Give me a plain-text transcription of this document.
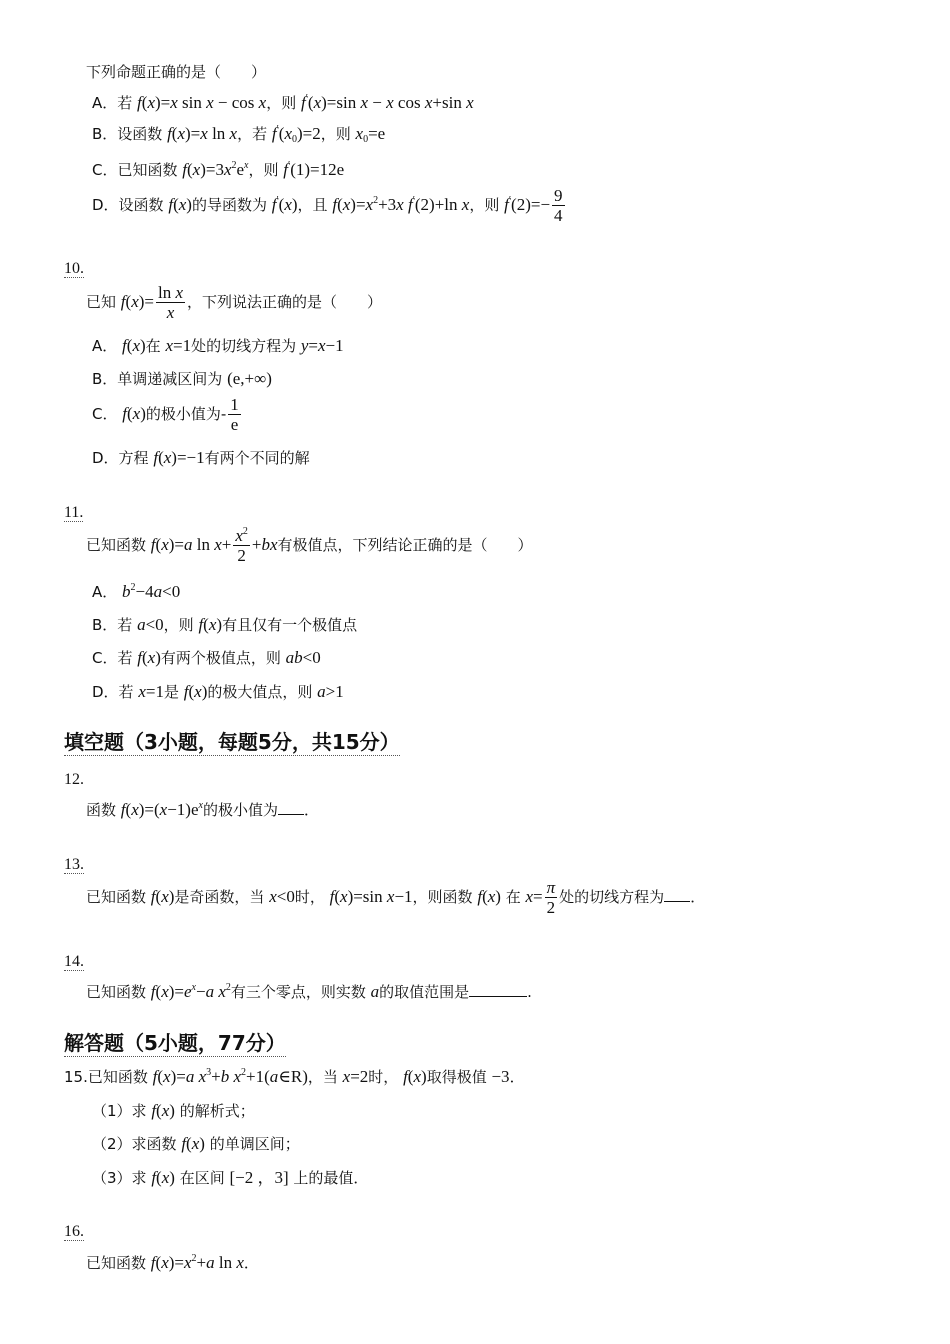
下列命题正确的是（　　）
A．若 f(x)=x sin x − cos x，则 f′(x)=sin x − x cos x+sin x
B．设函数 f(x)=x ln x，若 $f'(x_0)=2$，则 $x_0=e$
C．已知函数 $f(x)=3x^2e^x$，则 f′(1)=12e
D．设函数 f(x)的导函数为 f′(x)，且 $f(x)=x^2+3x$ f′(2)+ln x，则 $f'(2)=- \frac{9}{4}$
10.
已知 $f(x)= \frac{\text{ln x}}{x}$ ，下列说法正确的是（　　）
A． f(x)在 x=1处的切线方程为 y=x−1
B．单调递减区间为 (e,+∞)
C． f(x)的极小值为- $\frac{1}{e}$
D．方程 f(x)=−1有两个不同的解
11.
已知函数 f(x)=a $\ln x+ \frac{x^2}{2} +bx$有极值点，下列结论正确的是（　　）
A． $b^2-4a<0$
B．若 a<0，则 f(x)有且仅有一个极值点
C．若 f(x)有两个极值点，则 ab<0
D．若 x=1是 f(x)的极大值点，则 a>1
填空题（3小题，每题5分，共15分）
12.
函数 $f(x)=(x-1)e^x$的极小值为 ．
13.
已知函数 f(x)是奇函数，当 x<0时， f(x)=sin x−1，则函数 f(x) 在 $x= \frac{\pi}{2}$ 处的切线方程为 ．
14.
已知函数 $f(x)=e^x-a$ $x^2$有三个零点，则实数 a的取值范围是	.
解答题（5小题，77分）
15.已知函数 f(x)=a $x^3+b$ $x^2+1(a\in R)$，当 x=2时， f(x)取得极值 −3．
（1）求 f(x) 的解析式；
（2）求函数 f(x) 的单调区间；
（3）求 f(x) 在区间 [−2 ，3] 上的最值．
16.
已知函数 $f(x)=x^2+a$ ln x．
